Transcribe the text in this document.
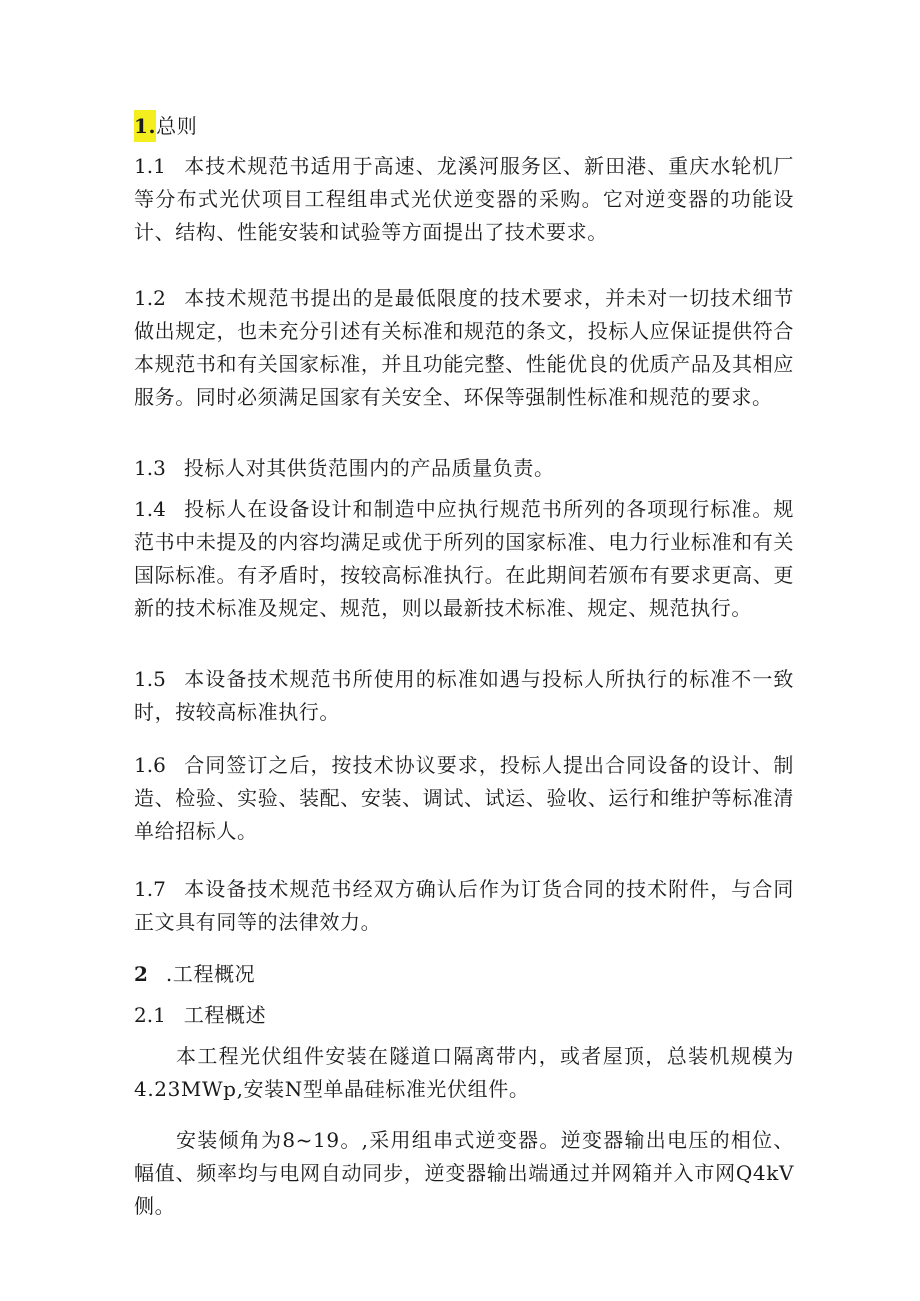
1.总则
1.1 本技术规范书适用于高速、龙溪河服务区、新田港、重庆水轮机厂等分布式光伏项目工程组串式光伏逆变器的采购。它对逆变器的功能设计、结构、性能安装和试验等方面提出了技术要求。
1.2 本技术规范书提出的是最低限度的技术要求，并未对一切技术细节做出规定，也未充分引述有关标准和规范的条文，投标人应保证提供符合本规范书和有关国家标准，并且功能完整、性能优良的优质产品及其相应服务。同时必须满足国家有关安全、环保等强制性标准和规范的要求。
1.3 投标人对其供货范围内的产品质量负责。
1.4 投标人在设备设计和制造中应执行规范书所列的各项现行标准。规范书中未提及的内容均满足或优于所列的国家标准、电力行业标准和有关国际标准。有矛盾时，按较高标准执行。在此期间若颁布有要求更高、更新的技术标准及规定、规范，则以最新技术标准、规定、规范执行。
1.5 本设备技术规范书所使用的标准如遇与投标人所执行的标准不一致时，按较高标准执行。
1.6 合同签订之后，按技术协议要求，投标人提出合同设备的设计、制造、检验、实验、装配、安装、调试、试运、验收、运行和维护等标准清单给招标人。
1.7 本设备技术规范书经双方确认后作为订货合同的技术附件，与合同正文具有同等的法律效力。
2 .工程概况
2.1 工程概述
本工程光伏组件安装在隧道口隔离带内，或者屋顶，总装机规模为4.23MWp,安装N型单晶硅标准光伏组件。
安装倾角为8~19。,采用组串式逆变器。逆变器输出电压的相位、幅值、频率均与电网自动同步，逆变器输出端通过并网箱并入市网Q4kV侧。
